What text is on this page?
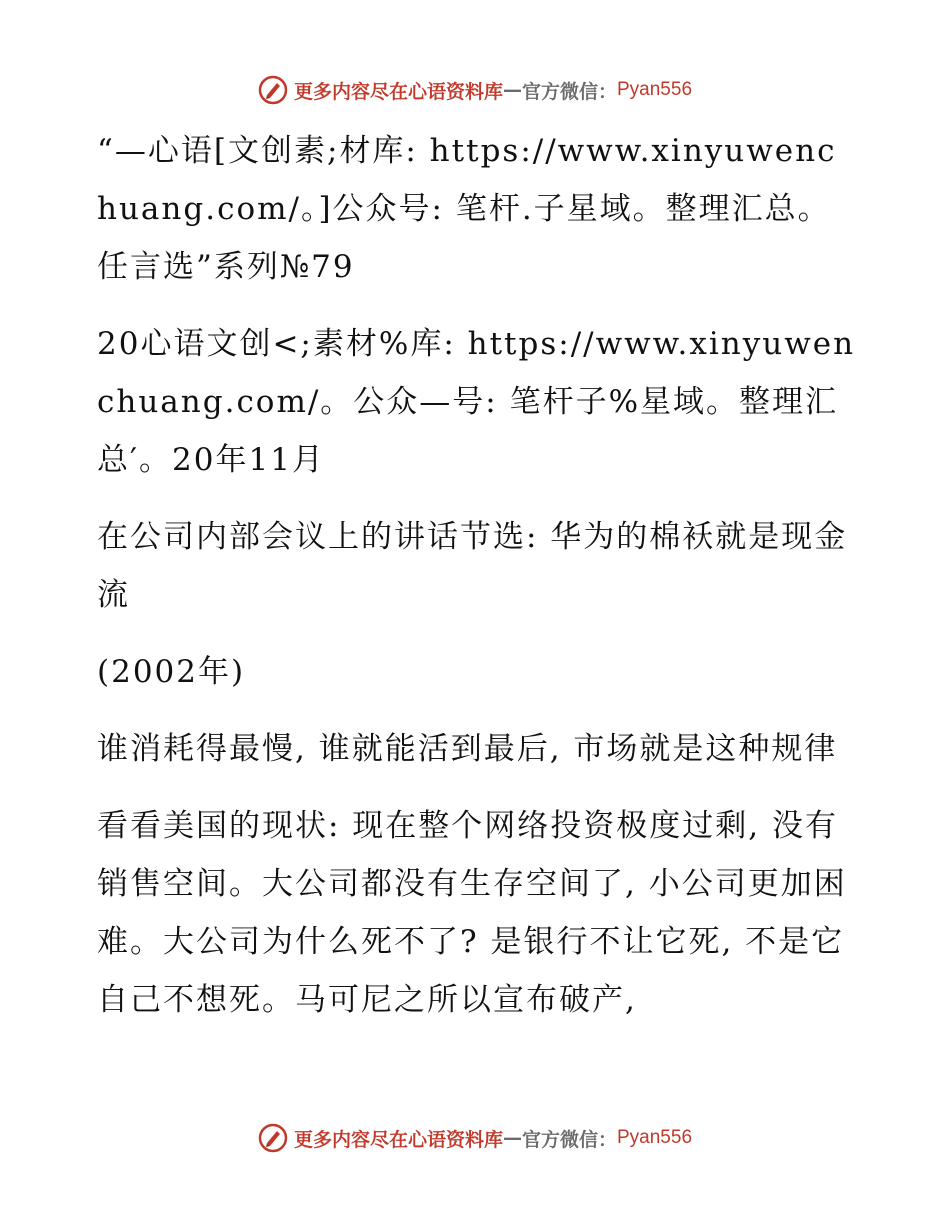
更多内容尽在心语资料库 — 官方微信： Pyan556

“—心语[文创素;材库: https://www.xinyuwenchuang.com/。]公众号: 笔杆.子星域。整理汇总。任言选”系列№79

20心语文创<;素材%库: https://www.xinyuwenchuang.com/。公众—号: 笔杆子%星域。整理汇总′。20年11月

在公司内部会议上的讲话节选: 华为的棉袄就是现金流

(2002年)

谁消耗得最慢, 谁就能活到最后, 市场就是这种规律

看看美国的现状: 现在整个网络投资极度过剩, 没有销售空间。大公司都没有生存空间了, 小公司更加困难。大公司为什么死不了? 是银行不让它死, 不是它自己不想死。马可尼之所以宣布破产,

更多内容尽在心语资料库 — 官方微信： Pyan556
